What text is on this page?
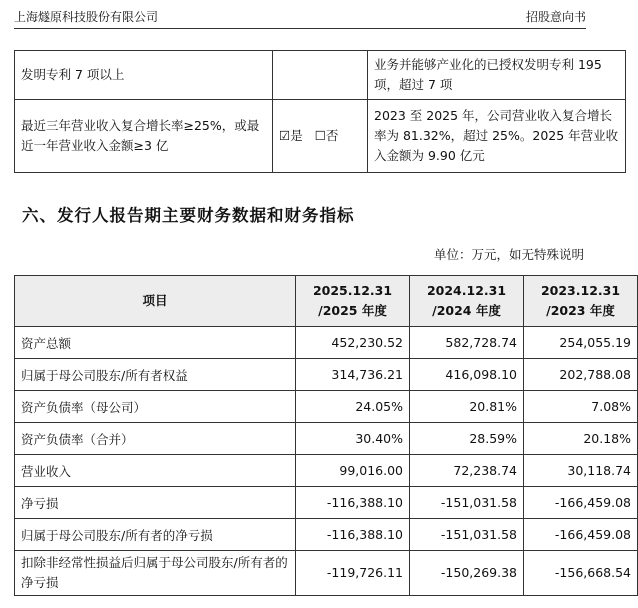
上海燧原科技股份有限公司	招股意向书
发明专利 7 项以上		业务并能够产业化的已授权发明专利 195 项，超过 7 项
最近三年营业收入复合增长率≥25%，或最近一年营业收入金额≥3 亿	☑是 ☐否	2023 至 2025 年，公司营业收入复合增长率为 81.32%，超过 25%。2025 年营业收入金额为 9.90 亿元
六、发行人报告期主要财务数据和财务指标
单位：万元，如无特殊说明
项目	2025.12.31 /2025 年度	2024.12.31 /2024 年度	2023.12.31 /2023 年度
资产总额	452,230.52	582,728.74	254,055.19
归属于母公司股东/所有者权益	314,736.21	416,098.10	202,788.08
资产负债率（母公司）	24.05%	20.81%	7.08%
资产负债率（合并）	30.40%	28.59%	20.18%
营业收入	99,016.00	72,238.74	30,118.74
净亏损	-116,388.10	-151,031.58	-166,459.08
归属于母公司股东/所有者的净亏损	-116,388.10	-151,031.58	-166,459.08
扣除非经常性损益后归属于母公司股东/所有者的净亏损	-119,726.11	-150,269.38	-156,668.54
